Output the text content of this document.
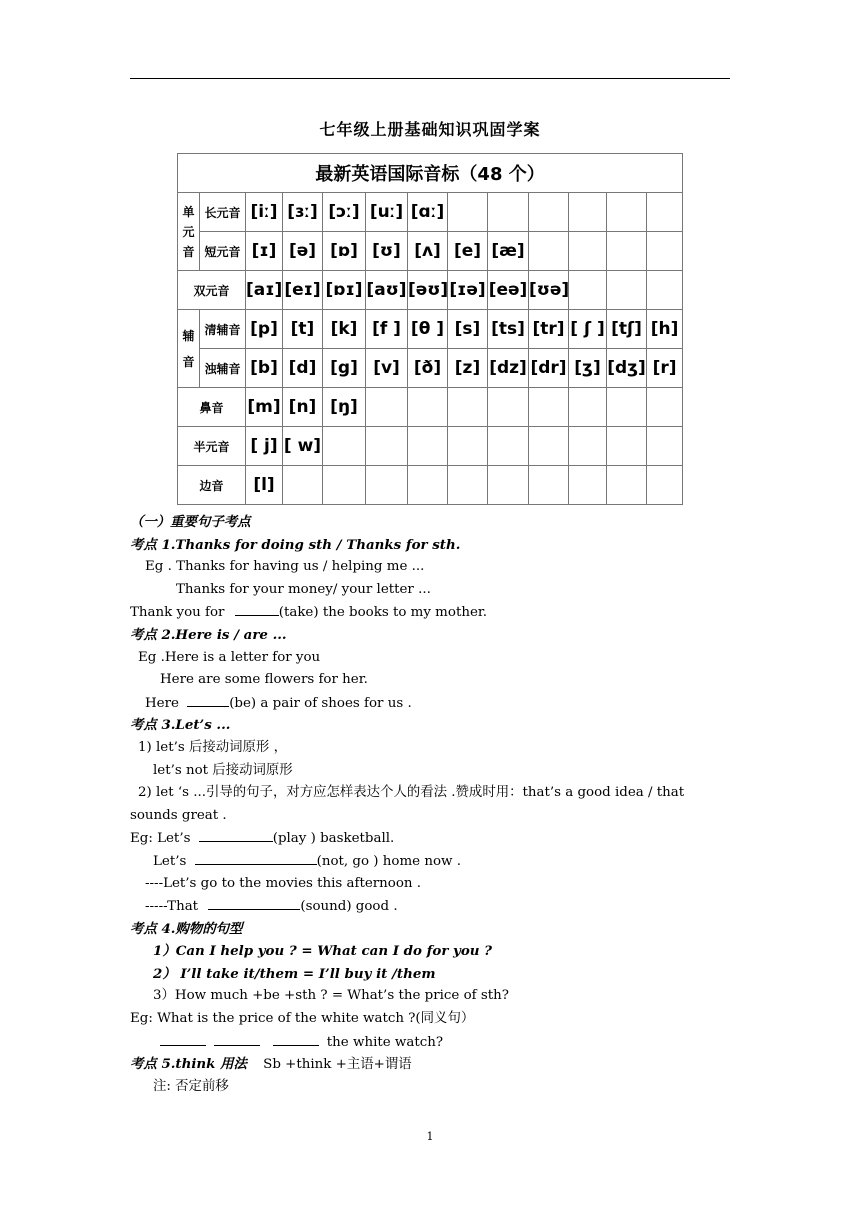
七年级上册基础知识巩固学案
最新英语国际音标（48 个）												

单元音	长元音	[iː]	[ɜː]	[ɔː]	[uː]	[ɑː]						
	短元音	[ɪ]	[ə]	[ɒ]	[ʊ]	[ʌ]	[e]	[æ]				
双元音		[aɪ]	[eɪ]	[ɒɪ]	[aʊ]	[əʊ]	[ɪə]	[eə]	[ʊə]			

辅音	清辅音	[p]	[t]	[k]	[f ]	[θ ]	[s]	[ts]	[tr]	[ ʃ ]	[tʃ]	[h]
	浊辅音	[b]	[d]	[g]	[v]	[ð]	[z]	[dz]	[dr]	[ʒ]	[dʒ]	[r]
鼻音		[m]	[n]	[ŋ]								
半元音		[ j]	[ w]									
边音		[l]										
（一）重要句子考点
考点 1.Thanks for doing sth / Thanks for sth.
Eg . Thanks for having us / helping me ...
Thanks for your money/ your letter ...
Thank you for	(take) the books to my mother.
考点 2.Here is / are ...
Eg .Here is a letter for you
Here are some flowers for her.
Here	(be) a pair of shoes for us .
考点 3.Let’s ...
1) let’s 后接动词原形 ，
let’s not 后接动词原形
2) let ‘s ...引导的句子，对方应怎样表达个人的看法 .赞成时用：that’s a good idea / that
sounds great .
Eg: Let’s	(play ) basketball.
Let’s	(not, go ) home now .
----Let’s go to the movies this afternoon .
-----That	(sound) good .
考点 4.购物的句型
1）Can I help you ? = What can I do for you ?
2） I’ll take it/them = I’ll buy it /them
3）How much +be +sth ? = What’s the price of sth?
Eg: What is the price of the white watch ?(同义句）
the white watch?
考点 5.think 用法 Sb +think +主语+谓语
注: 否定前移
1
